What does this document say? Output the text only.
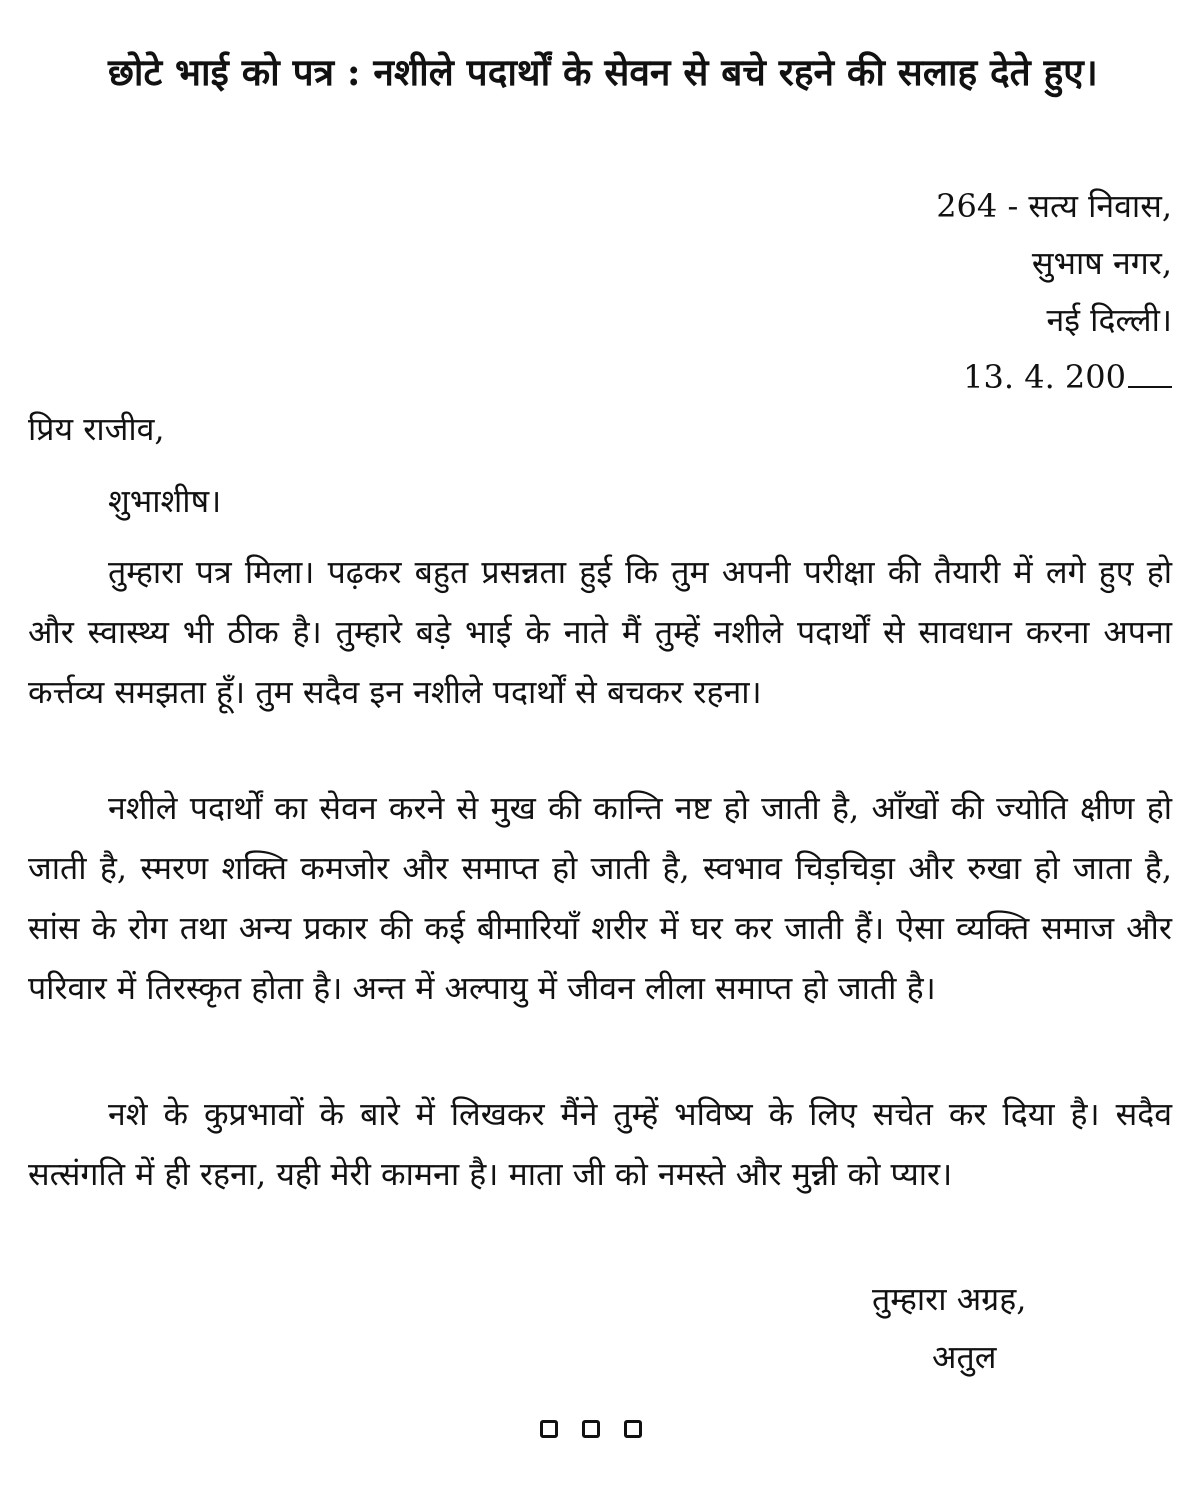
छोटे भाई को पत्र : नशीले पदार्थों के सेवन से बचे रहने की सलाह देते हुए।
264 - सत्य निवास,
सुभाष नगर,
नई दिल्ली।
13. 4. 200

प्रिय राजीव,

शुभाशीष।

तुम्हारा पत्र मिला। पढ़कर बहुत प्रसन्नता हुई कि तुम अपनी परीक्षा की तैयारी में लगे हुए हो और स्वास्थ्य भी ठीक है। तुम्हारे बड़े भाई के नाते मैं तुम्हें नशीले पदार्थों से सावधान करना अपना कर्त्तव्य समझता हूँ। तुम सदैव इन नशीले पदार्थों से बचकर रहना।

नशीले पदार्थों का सेवन करने से मुख की कान्ति नष्ट हो जाती है, आँखों की ज्योति क्षीण हो जाती है, स्मरण शक्ति कमजोर और समाप्त हो जाती है, स्वभाव चिड़चिड़ा और रुखा हो जाता है, सांस के रोग तथा अन्य प्रकार की कई बीमारियाँ शरीर में घर कर जाती हैं। ऐसा व्यक्ति समाज और परिवार में तिरस्कृत होता है। अन्त में अल्पायु में जीवन लीला समाप्त हो जाती है।

नशे के कुप्रभावों के बारे में लिखकर मैंने तुम्हें भविष्य के लिए सचेत कर दिया है। सदैव सत्संगति में ही रहना, यही मेरी कामना है। माता जी को नमस्ते और मुन्नी को प्यार।

तुम्हारा अग्रह,

अतुल
